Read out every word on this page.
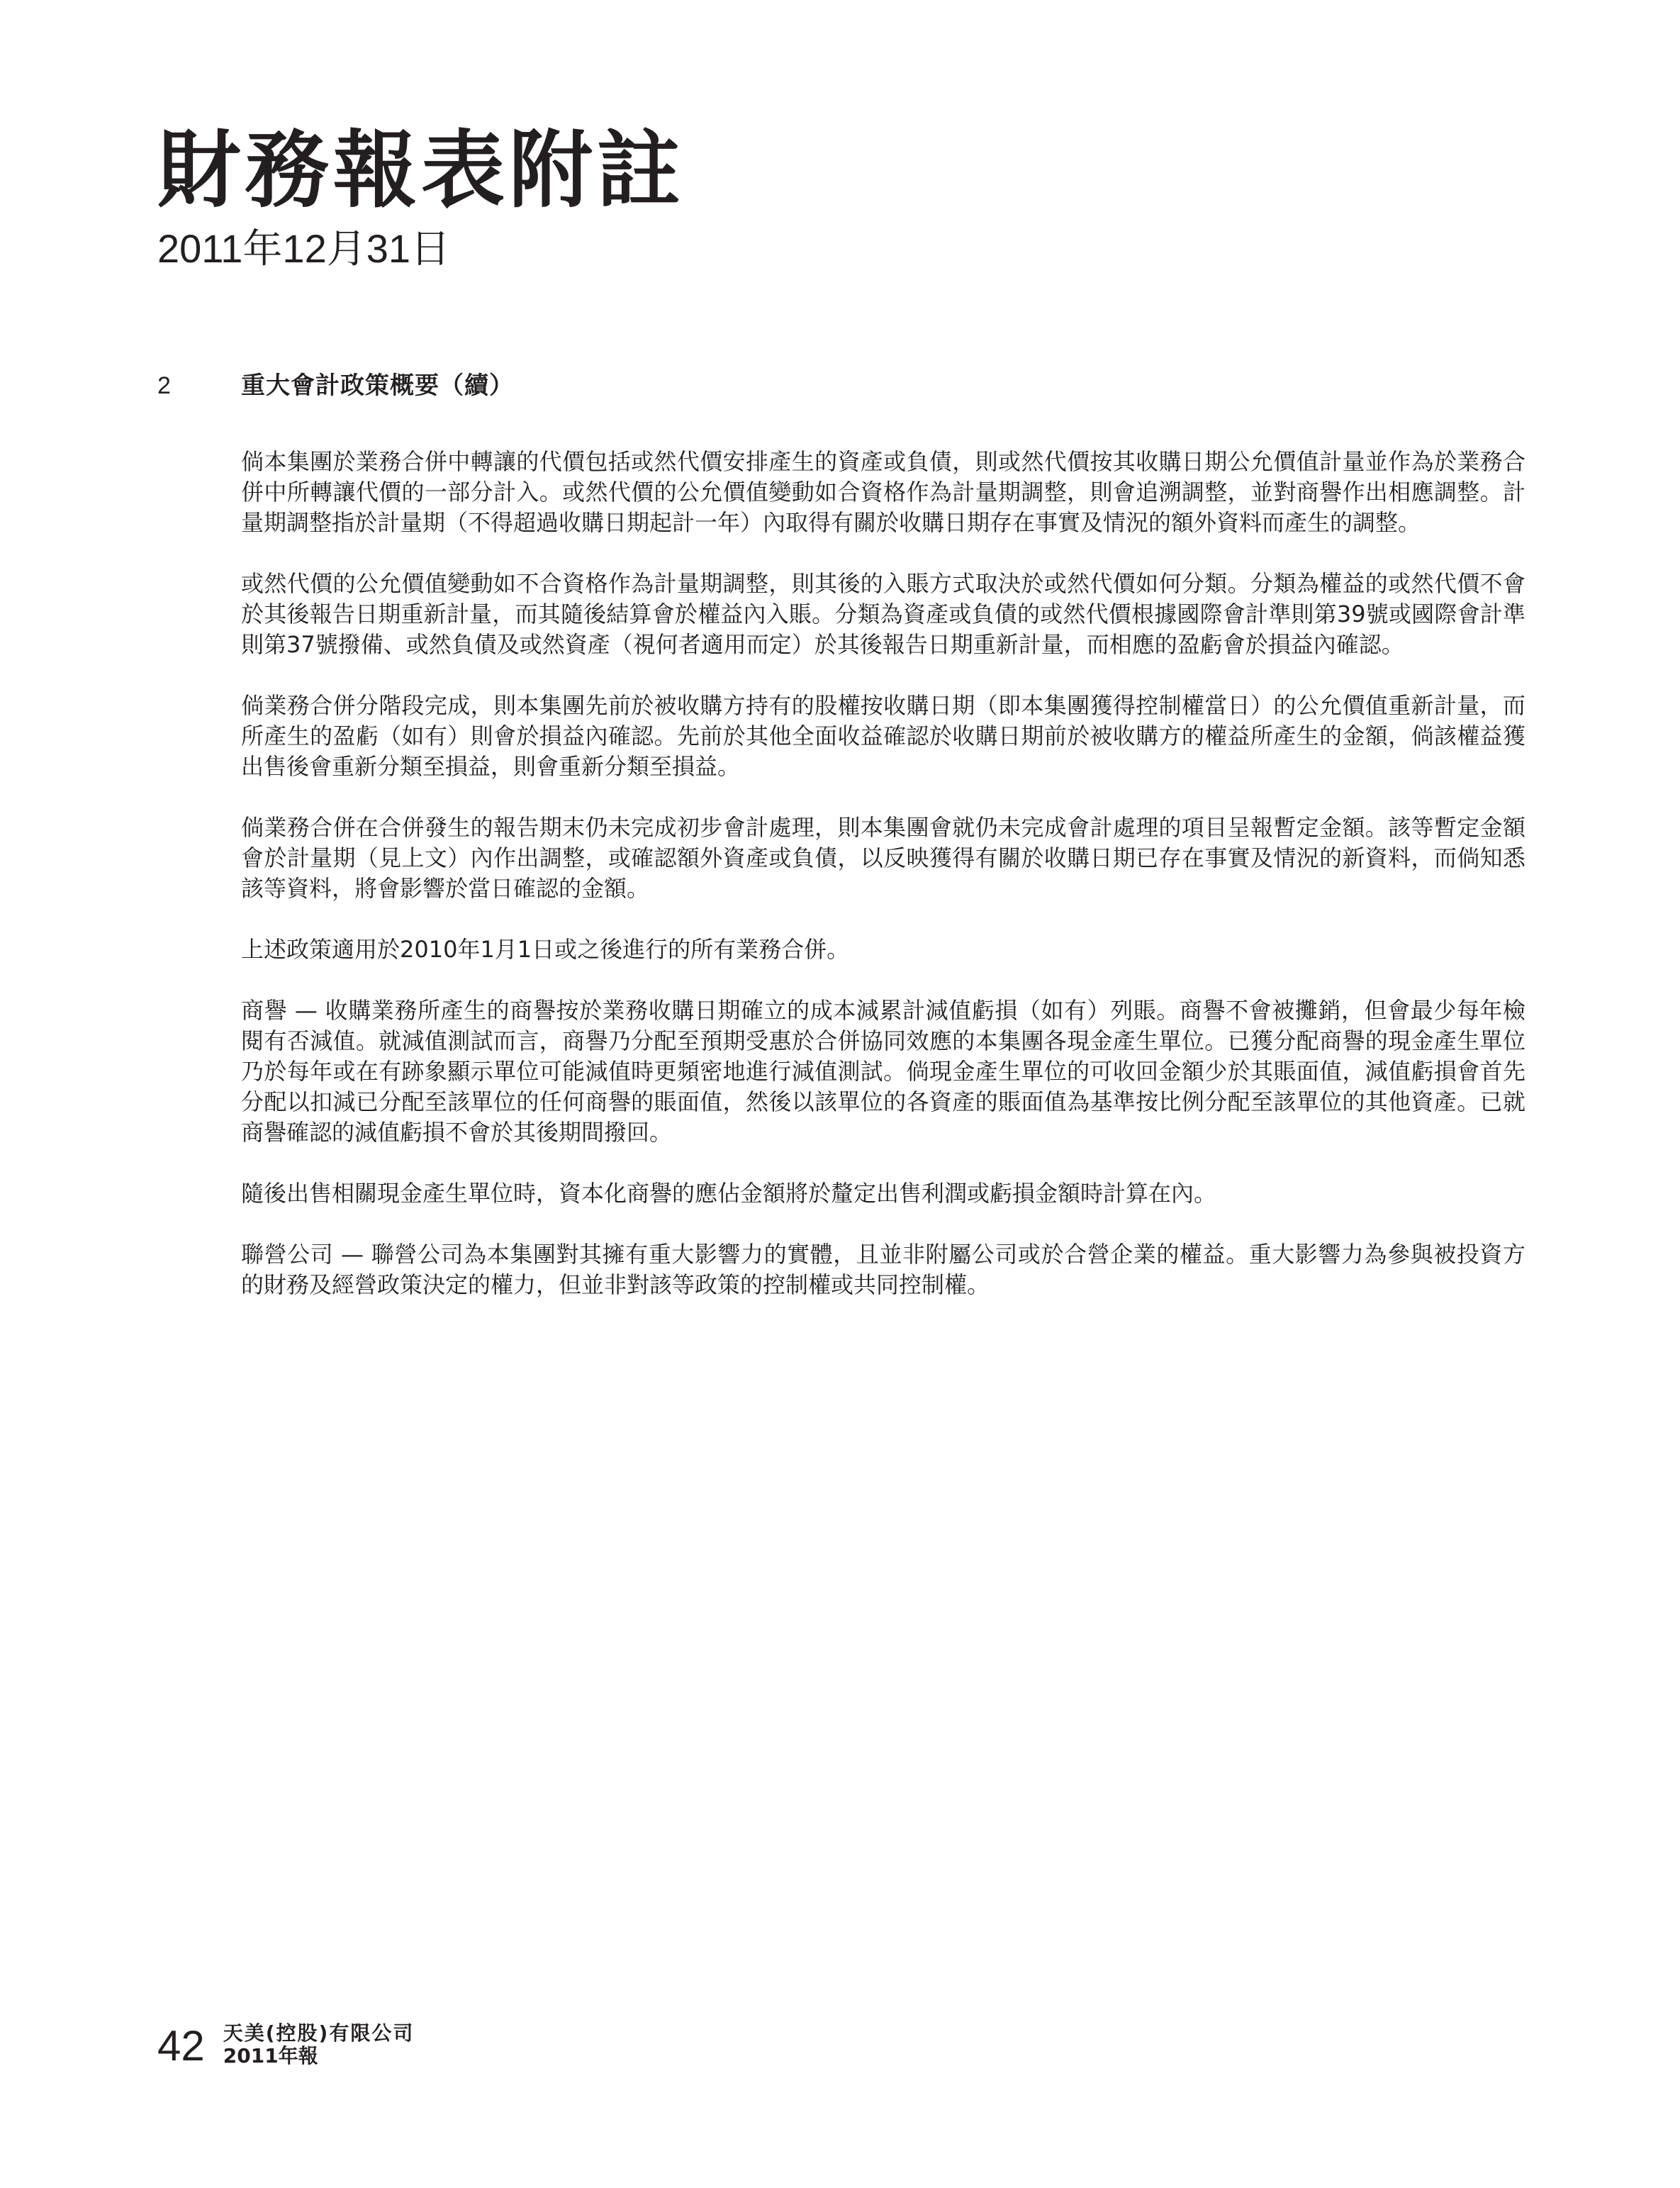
財務報表附註
2011年12月31日
2	重大會計政策概要（續）

倘本集團於業務合併中轉讓的代價包括或然代價安排產生的資產或負債，則或然代價按其收購日期公允價值計量並作為於業務合併中所轉讓代價的一部分計入。或然代價的公允價值變動如合資格作為計量期調整，則會追溯調整，並對商譽作出相應調整。計量期調整指於計量期（不得超過收購日期起計一年）內取得有關於收購日期存在事實及情況的額外資料而產生的調整。

或然代價的公允價值變動如不合資格作為計量期調整，則其後的入賬方式取決於或然代價如何分類。分類為權益的或然代價不會於其後報告日期重新計量，而其隨後結算會於權益內入賬。分類為資產或負債的或然代價根據國際會計準則第39號或國際會計準則第37號撥備、或然負債及或然資產（視何者適用而定）於其後報告日期重新計量，而相應的盈虧會於損益內確認。

倘業務合併分階段完成，則本集團先前於被收購方持有的股權按收購日期（即本集團獲得控制權當日）的公允價值重新計量，而所產生的盈虧（如有）則會於損益內確認。先前於其他全面收益確認於收購日期前於被收購方的權益所產生的金額，倘該權益獲出售後會重新分類至損益，則會重新分類至損益。

倘業務合併在合併發生的報告期末仍未完成初步會計處理，則本集團會就仍未完成會計處理的項目呈報暫定金額。該等暫定金額會於計量期（見上文）內作出調整，或確認額外資產或負債，以反映獲得有關於收購日期已存在事實及情況的新資料，而倘知悉該等資料，將會影響於當日確認的金額。

上述政策適用於2010年1月1日或之後進行的所有業務合併。

商譽 — 收購業務所產生的商譽按於業務收購日期確立的成本減累計減值虧損（如有）列賬。商譽不會被攤銷，但會最少每年檢閱有否減值。就減值測試而言，商譽乃分配至預期受惠於合併協同效應的本集團各現金產生單位。已獲分配商譽的現金產生單位乃於每年或在有跡象顯示單位可能減值時更頻密地進行減值測試。倘現金產生單位的可收回金額少於其賬面值，減值虧損會首先分配以扣減已分配至該單位的任何商譽的賬面值，然後以該單位的各資產的賬面值為基準按比例分配至該單位的其他資產。已就商譽確認的減值虧損不會於其後期間撥回。

隨後出售相關現金產生單位時，資本化商譽的應佔金額將於釐定出售利潤或虧損金額時計算在內。

聯營公司 — 聯營公司為本集團對其擁有重大影響力的實體，且並非附屬公司或於合營企業的權益。重大影響力為參與被投資方的財務及經營政策決定的權力，但並非對該等政策的控制權或共同控制權。

42 天美(控股)有限公司
2011年報
